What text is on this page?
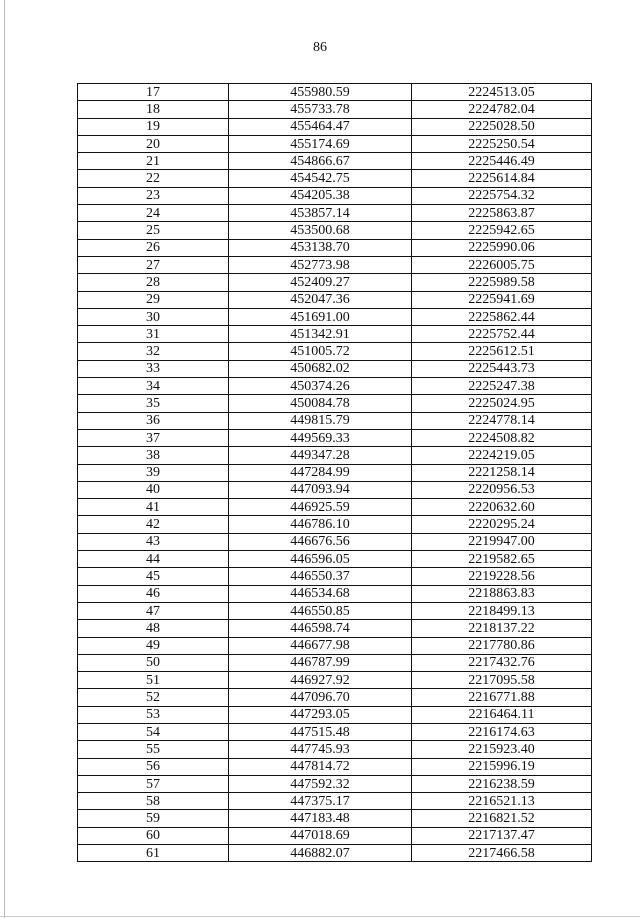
86
17	455980.59	2224513.05
18	455733.78	2224782.04
19	455464.47	2225028.50
20	455174.69	2225250.54
21	454866.67	2225446.49
22	454542.75	2225614.84
23	454205.38	2225754.32
24	453857.14	2225863.87
25	453500.68	2225942.65
26	453138.70	2225990.06
27	452773.98	2226005.75
28	452409.27	2225989.58
29	452047.36	2225941.69
30	451691.00	2225862.44
31	451342.91	2225752.44
32	451005.72	2225612.51
33	450682.02	2225443.73
34	450374.26	2225247.38
35	450084.78	2225024.95
36	449815.79	2224778.14
37	449569.33	2224508.82
38	449347.28	2224219.05
39	447284.99	2221258.14
40	447093.94	2220956.53
41	446925.59	2220632.60
42	446786.10	2220295.24
43	446676.56	2219947.00
44	446596.05	2219582.65
45	446550.37	2219228.56
46	446534.68	2218863.83
47	446550.85	2218499.13
48	446598.74	2218137.22
49	446677.98	2217780.86
50	446787.99	2217432.76
51	446927.92	2217095.58
52	447096.70	2216771.88
53	447293.05	2216464.11
54	447515.48	2216174.63
55	447745.93	2215923.40
56	447814.72	2215996.19
57	447592.32	2216238.59
58	447375.17	2216521.13
59	447183.48	2216821.52
60	447018.69	2217137.47
61	446882.07	2217466.58
